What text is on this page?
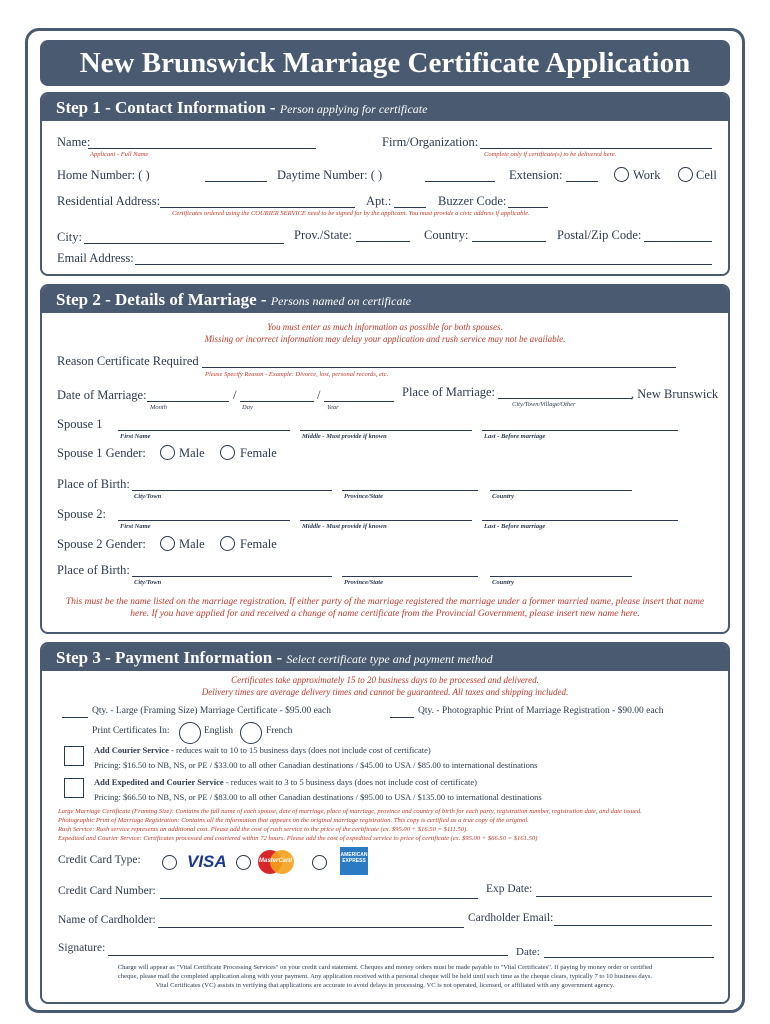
New Brunswick Marriage Certificate Application
Step 1 - Contact Information - Person applying for certificate
Name:
Applicant - Full Name
Firm/Organization:
Complete only if certificate(s) to be delivered here.
Home Number: ( )	Daytime Number: ( )	Extension:	Work	Cell
Residential Address:	Apt.:	Buzzer Code:
Certificates ordered using the COURIER SERVICE need to be signed for by the applicant. You must provide a civic address if applicable.
City:	Prov./State:	Country:	Postal/Zip Code:
Email Address:
Step 2 - Details of Marriage - Persons named on certificate
You must enter as much information as possible for both spouses.
Missing or incorrect information may delay your application and rush service may not be available.
Reason Certificate Required
Please Specify Reason - Example: Divorce, lost, personal records, etc.
Date of Marriage:	/	/
Month	Day	Year
Place of Marriage:	, New Brunswick
City/Town/Village/Other
Spouse 1
First Name	Middle - Must provide if known	Last - Before marriage
Spouse 1 Gender:	Male	Female
Place of Birth:
City/Town	Province/State	Country
Spouse 2:
First Name	Middle - Must provide if known	Last - Before marriage
Spouse 2 Gender:	Male	Female
Place of Birth:
City/Town	Province/State	Country
This must be the name listed on the marriage registration. If either party of the marriage registered the marriage under a former married name, please insert that name here. If you have applied for and received a change of name certificate from the Provincial Government, please insert new name here.
Step 3 - Payment Information - Select certificate type and payment method
Certificates take approximately 15 to 20 business days to be processed and delivered.
Delivery times are average delivery times and cannot be guaranteed. All taxes and shipping included.
Qty. - Large (Framing Size) Marriage Certificate - $95.00 each	Qty. - Photographic Print of Marriage Registration - $90.00 each
Print Certificates In:	English	French
Add Courier Service - reduces wait to 10 to 15 business days (does not include cost of certificate)
Pricing: $16.50 to NB, NS, or PE / $33.00 to all other Canadian destinations / $45.00 to USA / $85.00 to international destinations
Add Expedited and Courier Service - reduces wait to 3 to 5 business days (does not include cost of certificate)
Pricing: $66.50 to NB, NS, or PE / $83.00 to all other Canadian destinations / $95.00 to USA / $135.00 to international destinations
Large Marriage Certificate (Framing Size): Contains the full name of each spouse, date of marriage, place of marriage, province and country of birth for each party, registration number, registration date, and date issued.
Photographic Print of Marriage Registration: Contains all the information that appears on the original marriage registration. This copy is certified as a true copy of the original.
Rush Service: Rush service represents an additional cost. Please add the cost of rush service to the price of the certificate (ex. $95.00 + $16.50 = $111.50).
Expedited and Courier Service: Certificates processed and couriered within 72 hours. Please add the cost of expedited service to price of certificate (ex. $95.00 + $66.50 = $161.50)
Credit Card Type:	VISA	MasterCard
AMERICAN EXPRESS
Credit Card Number:	Exp Date:
Name of Cardholder:	Cardholder Email:
Signature:	Date:
Charge will appear as "Vital Certificate Processing Services" on your credit card statement. Cheques and money orders must be made payable to "Vital Certificates". If paying by money order or certified
cheque, please mail the completed application along with your payment. Any application received with a personal cheque will be held until such time as the cheque clears, typically 7 to 10 business days.
Vital Certificates (VC) assists in verifying that applications are accurate to avoid delays in processing. VC is not operated, licensed, or affiliated with any government agency.
